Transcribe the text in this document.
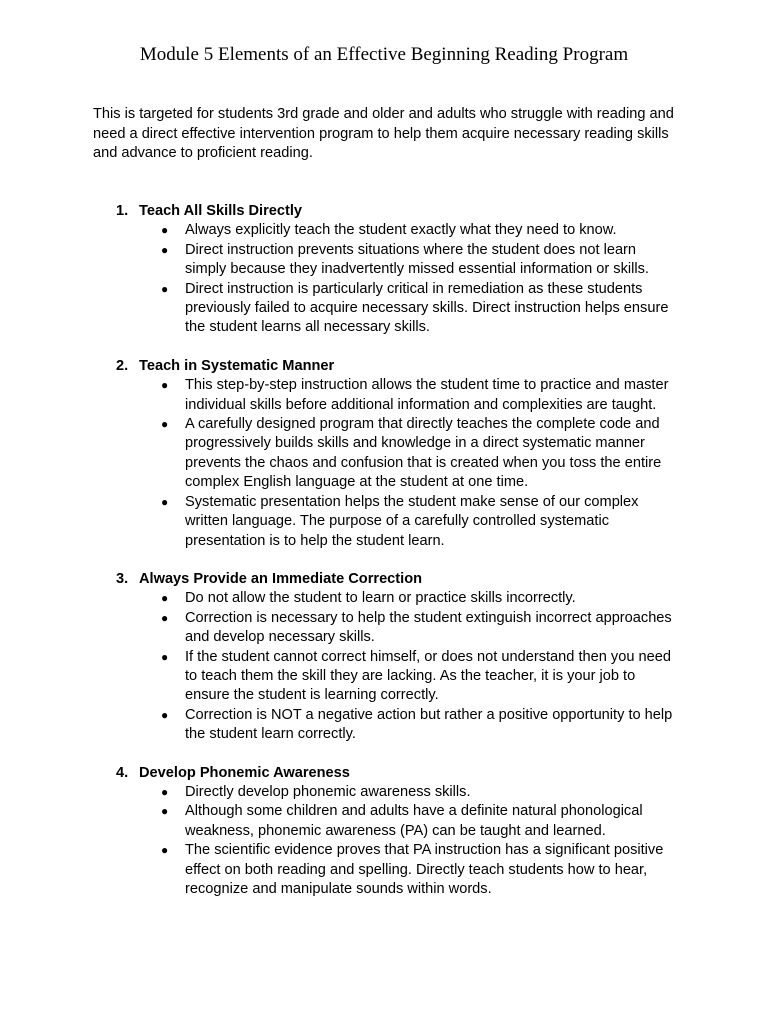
Module 5 Elements of an Effective Beginning Reading Program

This is targeted for students 3rd grade and older and adults who struggle with reading and need a direct effective intervention program to help them acquire necessary reading skills and advance to proficient reading.

1. Teach All Skills Directly
● Always explicitly teach the student exactly what they need to know.
● Direct instruction prevents situations where the student does not learn simply because they inadvertently missed essential information or skills.
● Direct instruction is particularly critical in remediation as these students previously failed to acquire necessary skills. Direct instruction helps ensure the student learns all necessary skills.
2. Teach in Systematic Manner
● This step-by-step instruction allows the student time to practice and master individual skills before additional information and complexities are taught.
● A carefully designed program that directly teaches the complete code and progressively builds skills and knowledge in a direct systematic manner prevents the chaos and confusion that is created when you toss the entire complex English language at the student at one time.
● Systematic presentation helps the student make sense of our complex written language. The purpose of a carefully controlled systematic presentation is to help the student learn.
3. Always Provide an Immediate Correction
● Do not allow the student to learn or practice skills incorrectly.
● Correction is necessary to help the student extinguish incorrect approaches and develop necessary skills.
● If the student cannot correct himself, or does not understand then you need to teach them the skill they are lacking. As the teacher, it is your job to ensure the student is learning correctly.
● Correction is NOT a negative action but rather a positive opportunity to help the student learn correctly.
4. Develop Phonemic Awareness
● Directly develop phonemic awareness skills.
● Although some children and adults have a definite natural phonological weakness, phonemic awareness (PA) can be taught and learned.
● The scientific evidence proves that PA instruction has a significant positive effect on both reading and spelling. Directly teach students how to hear, recognize and manipulate sounds within words.
